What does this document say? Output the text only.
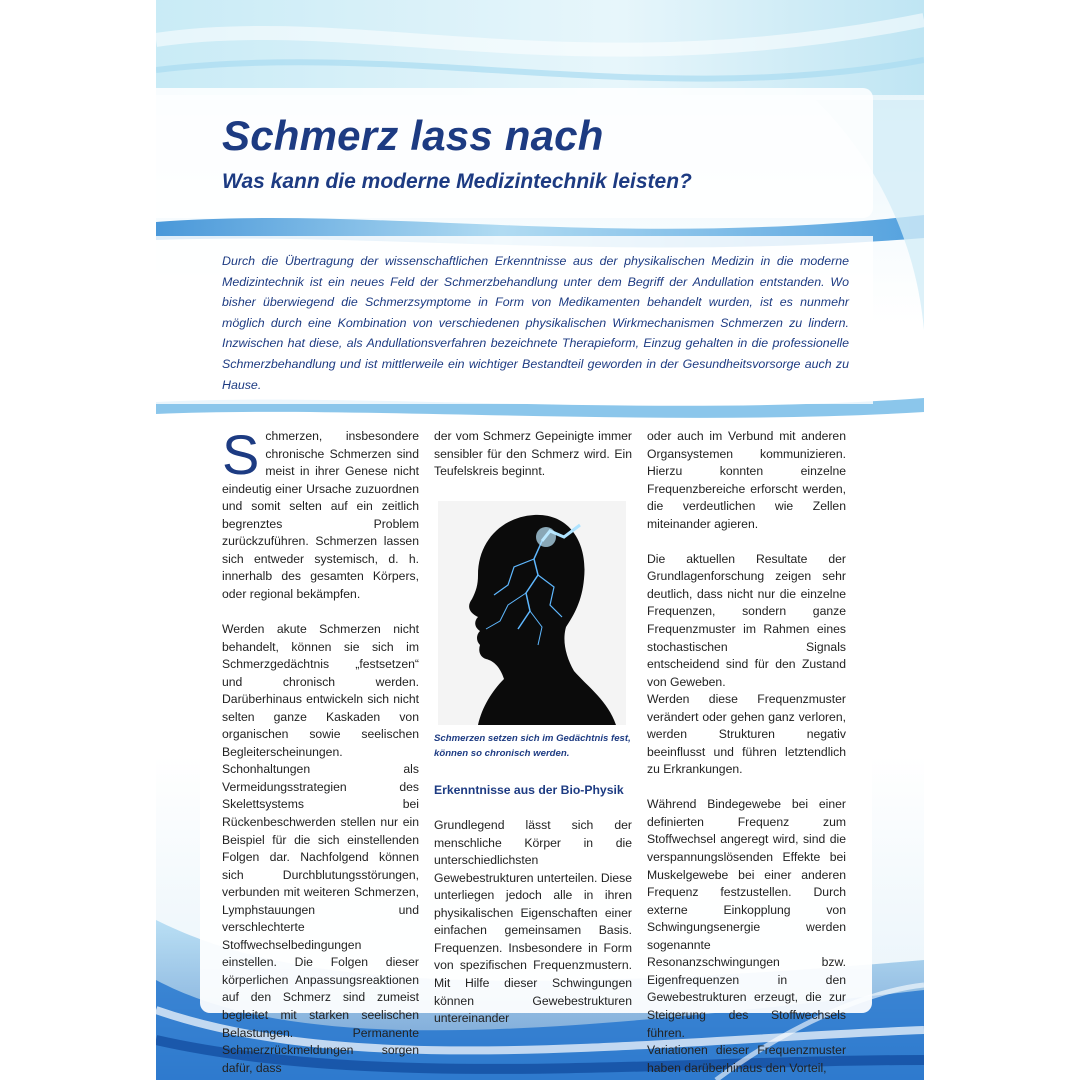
Schmerz lass nach
Was kann die moderne Medizintechnik leisten?

Durch die Übertragung der wissenschaftlichen Erkenntnisse aus der physikalischen Medizin in die moderne Medizintechnik ist ein neues Feld der Schmerzbehandlung unter dem Begriff der Andullation entstanden. Wo bisher überwiegend die Schmerzsymptome in Form von Medikamenten behandelt wurden, ist es nunmehr möglich durch eine Kombination von verschiedenen physikalischen Wirkmechanismen Schmerzen zu lindern. Inzwischen hat diese, als Andullationsverfahren bezeichnete Therapieform, Einzug gehalten in die professionelle Schmerzbehandlung und ist mittlerweile ein wichtiger Bestandteil geworden in der Gesundheitsvorsorge auch zu Hause.

Schmerzen, insbesondere chronische Schmerzen sind meist in ihrer Genese nicht eindeutig einer Ursache zuzuordnen und somit selten auf ein zeitlich begrenztes Problem zurückzuführen. Schmerzen lassen sich entweder systemisch, d. h. innerhalb des gesamten Körpers, oder regional bekämpfen.

Werden akute Schmerzen nicht behandelt, können sie sich im Schmerzgedächtnis „festsetzen“ und chronisch werden. Darüberhinaus entwickeln sich nicht selten ganze Kaskaden von organischen sowie seelischen Begleiterscheinungen. Schonhaltungen als Vermeidungsstrategien des Skelettsystems bei Rückenbeschwerden stellen nur ein Beispiel für die sich einstellenden Folgen dar. Nachfolgend können sich Durchblutungsstörungen, verbunden mit weiteren Schmerzen, Lymphstauungen und verschlechterte Stoffwechselbedingungen einstellen. Die Folgen dieser körperlichen Anpassungsreaktionen auf den Schmerz sind zumeist begleitet mit starken seelischen Belastungen. Permanente Schmerzrückmeldungen sorgen dafür, dass

der vom Schmerz Gepeinigte immer sensibler für den Schmerz wird. Ein Teufelskreis beginnt.

Schmerzen setzen sich im Gedächtnis fest, können so chronisch werden.

Erkenntnisse aus der Bio-Physik

Grundlegend lässt sich der menschliche Körper in die unterschiedlichsten Gewebestrukturen unterteilen. Diese unterliegen jedoch alle in ihren physikalischen Eigenschaften einer einfachen gemeinsamen Basis. Frequenzen. Insbesondere in Form von spezifischen Frequenzmustern. Mit Hilfe dieser Schwingungen können Gewebestrukturen untereinander

oder auch im Verbund mit anderen Organsystemen kommunizieren. Hierzu konnten einzelne Frequenzbereiche erforscht werden, die verdeutlichen wie Zellen miteinander agieren.

Die aktuellen Resultate der Grundlagenforschung zeigen sehr deutlich, dass nicht nur die einzelne Frequenzen, sondern ganze Frequenzmuster im Rahmen eines stochastischen Signals entscheidend sind für den Zustand von Geweben.

Werden diese Frequenzmuster verändert oder gehen ganz verloren, werden Strukturen negativ beeinflusst und führen letztendlich zu Erkrankungen.

Während Bindegewebe bei einer definierten Frequenz zum Stoffwechsel angeregt wird, sind die verspannungslösenden Effekte bei Muskelgewebe bei einer anderen Frequenz festzustellen. Durch externe Einkopplung von Schwingungsenergie werden sogenannte Resonanzschwingungen bzw. Eigenfrequenzen in den Gewebestrukturen erzeugt, die zur Steigerung des Stoffwechsels führen.

Variationen dieser Frequenzmuster haben darüberhinaus den Vorteil,
